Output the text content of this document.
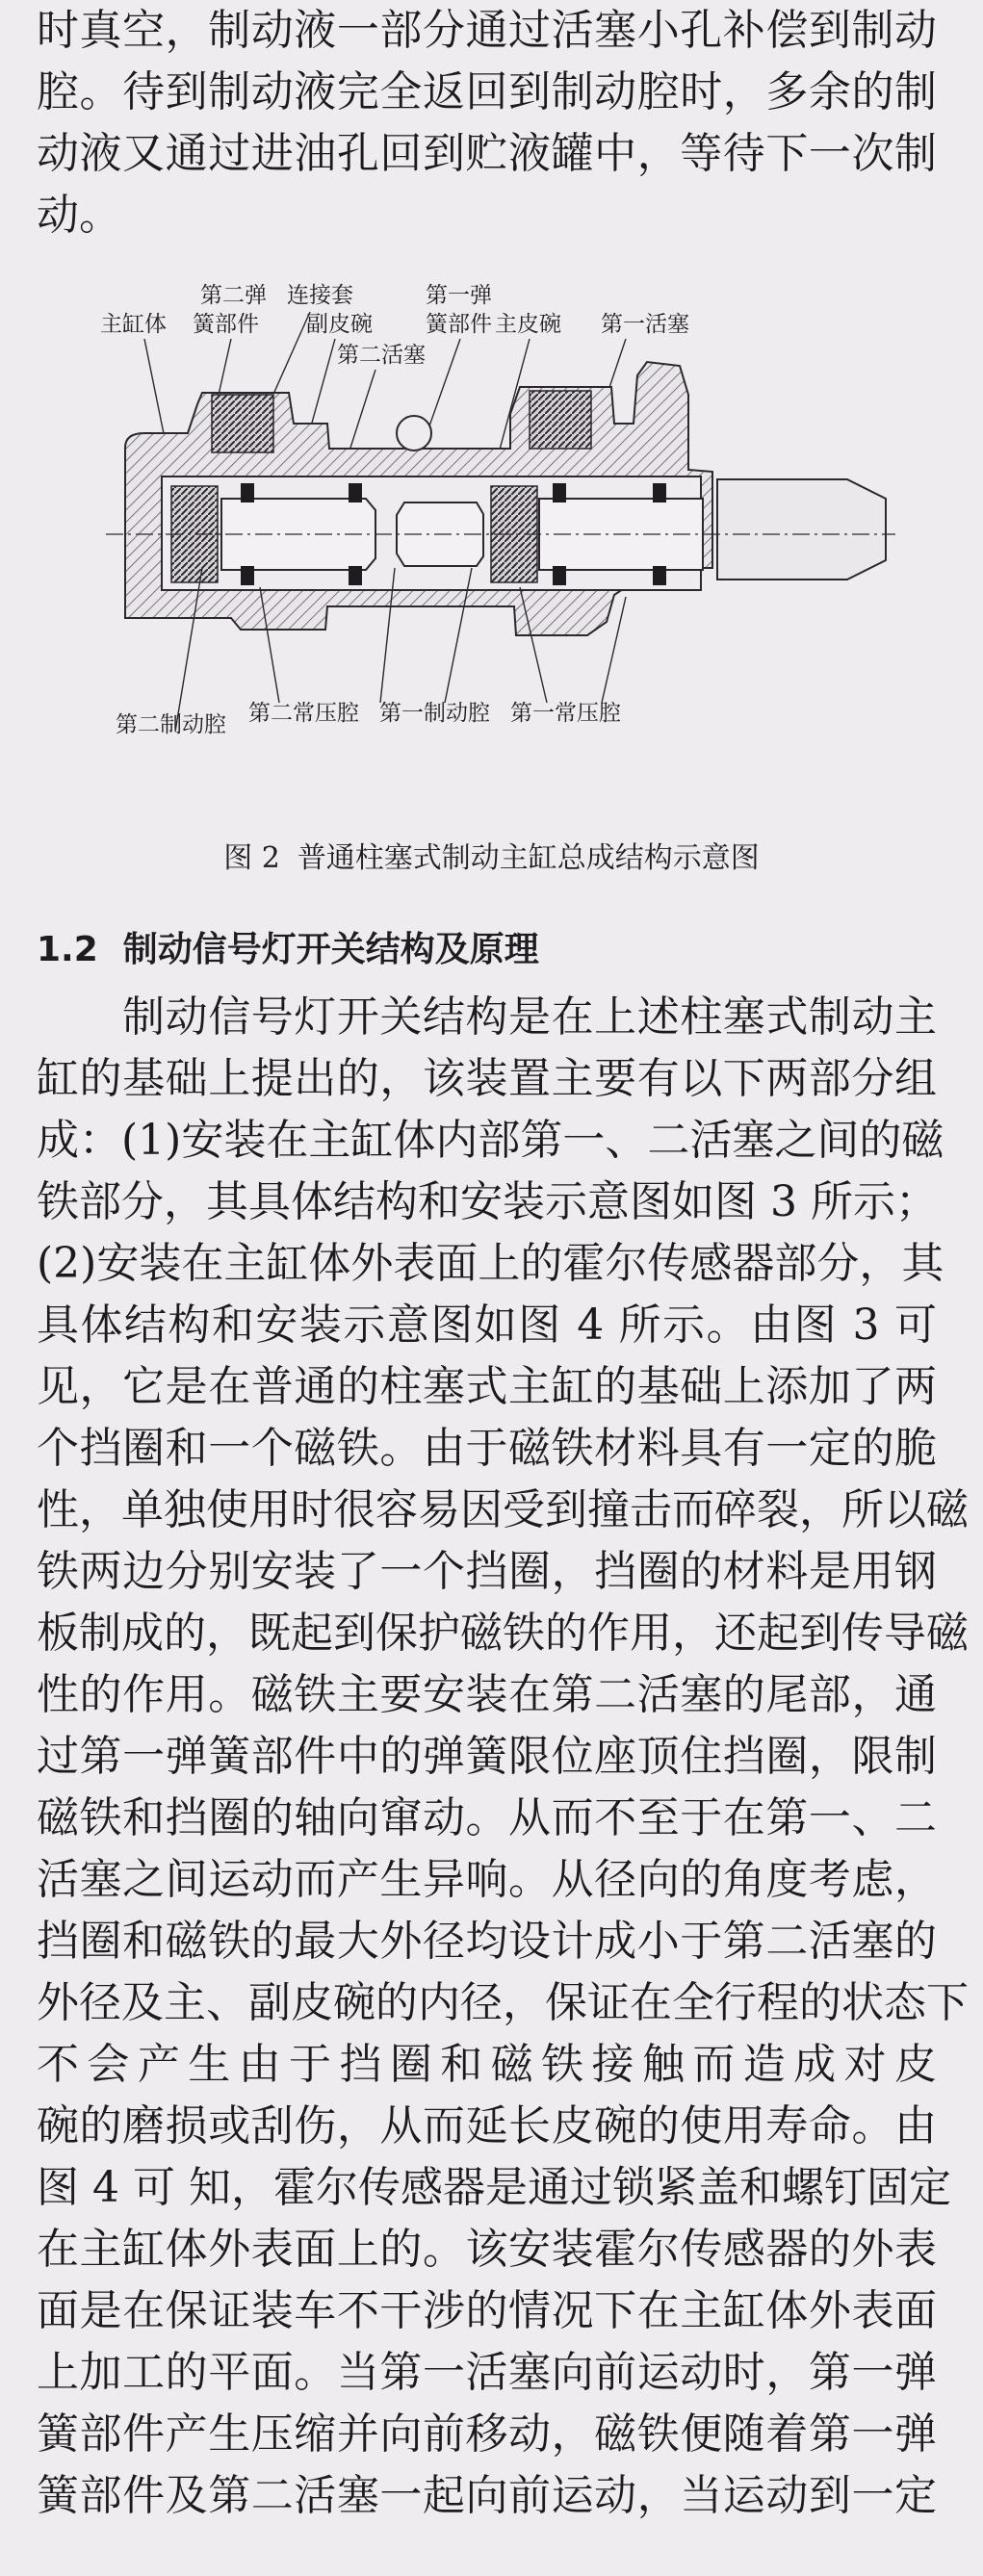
时真空，制动液一部分通过活塞小孔补偿到制动
腔。待到制动液完全返回到制动腔时，多余的制
动液又通过进油孔回到贮液罐中，等待下一次制
动。
第二弹
簧部件
连接套
副皮碗
第二活塞
第一弹
簧部件 主皮碗 第一活塞
主缸体
第二制动腔 第二常压腔 第一制动腔 第一常压腔
图 2 普通柱塞式制动主缸总成结构示意图
1.2 制动信号灯开关结构及原理
　　制动信号灯开关结构是在上述柱塞式制动主
缸的基础上提出的，该装置主要有以下两部分组
成：(1)安装在主缸体内部第一、二活塞之间的磁
铁部分，其具体结构和安装示意图如图 3 所示；
(2)安装在主缸体外表面上的霍尔传感器部分，其
具体结构和安装示意图如图 4 所示。由图 3 可
见，它是在普通的柱塞式主缸的基础上添加了两
个挡圈和一个磁铁。由于磁铁材料具有一定的脆
性，单独使用时很容易因受到撞击而碎裂，所以磁
铁两边分别安装了一个挡圈，挡圈的材料是用钢
板制成的，既起到保护磁铁的作用，还起到传导磁
性的作用。磁铁主要安装在第二活塞的尾部，通
过第一弹簧部件中的弹簧限位座顶住挡圈，限制
磁铁和挡圈的轴向窜动。从而不至于在第一、二
活塞之间运动而产生异响。从径向的角度考虑，
挡圈和磁铁的最大外径均设计成小于第二活塞的
外径及主、副皮碗的内径，保证在全行程的状态下
不会产生由于挡圈和磁铁接触而造成对皮
碗的磨损或刮伤，从而延长皮碗的使用寿命。由
图 4 可 知，霍尔传感器是通过锁紧盖和螺钉固定
在主缸体外表面上的。该安装霍尔传感器的外表
面是在保证装车不干涉的情况下在主缸体外表面
上加工的平面。当第一活塞向前运动时，第一弹
簧部件产生压缩并向前移动，磁铁便随着第一弹
簧部件及第二活塞一起向前运动，当运动到一定
